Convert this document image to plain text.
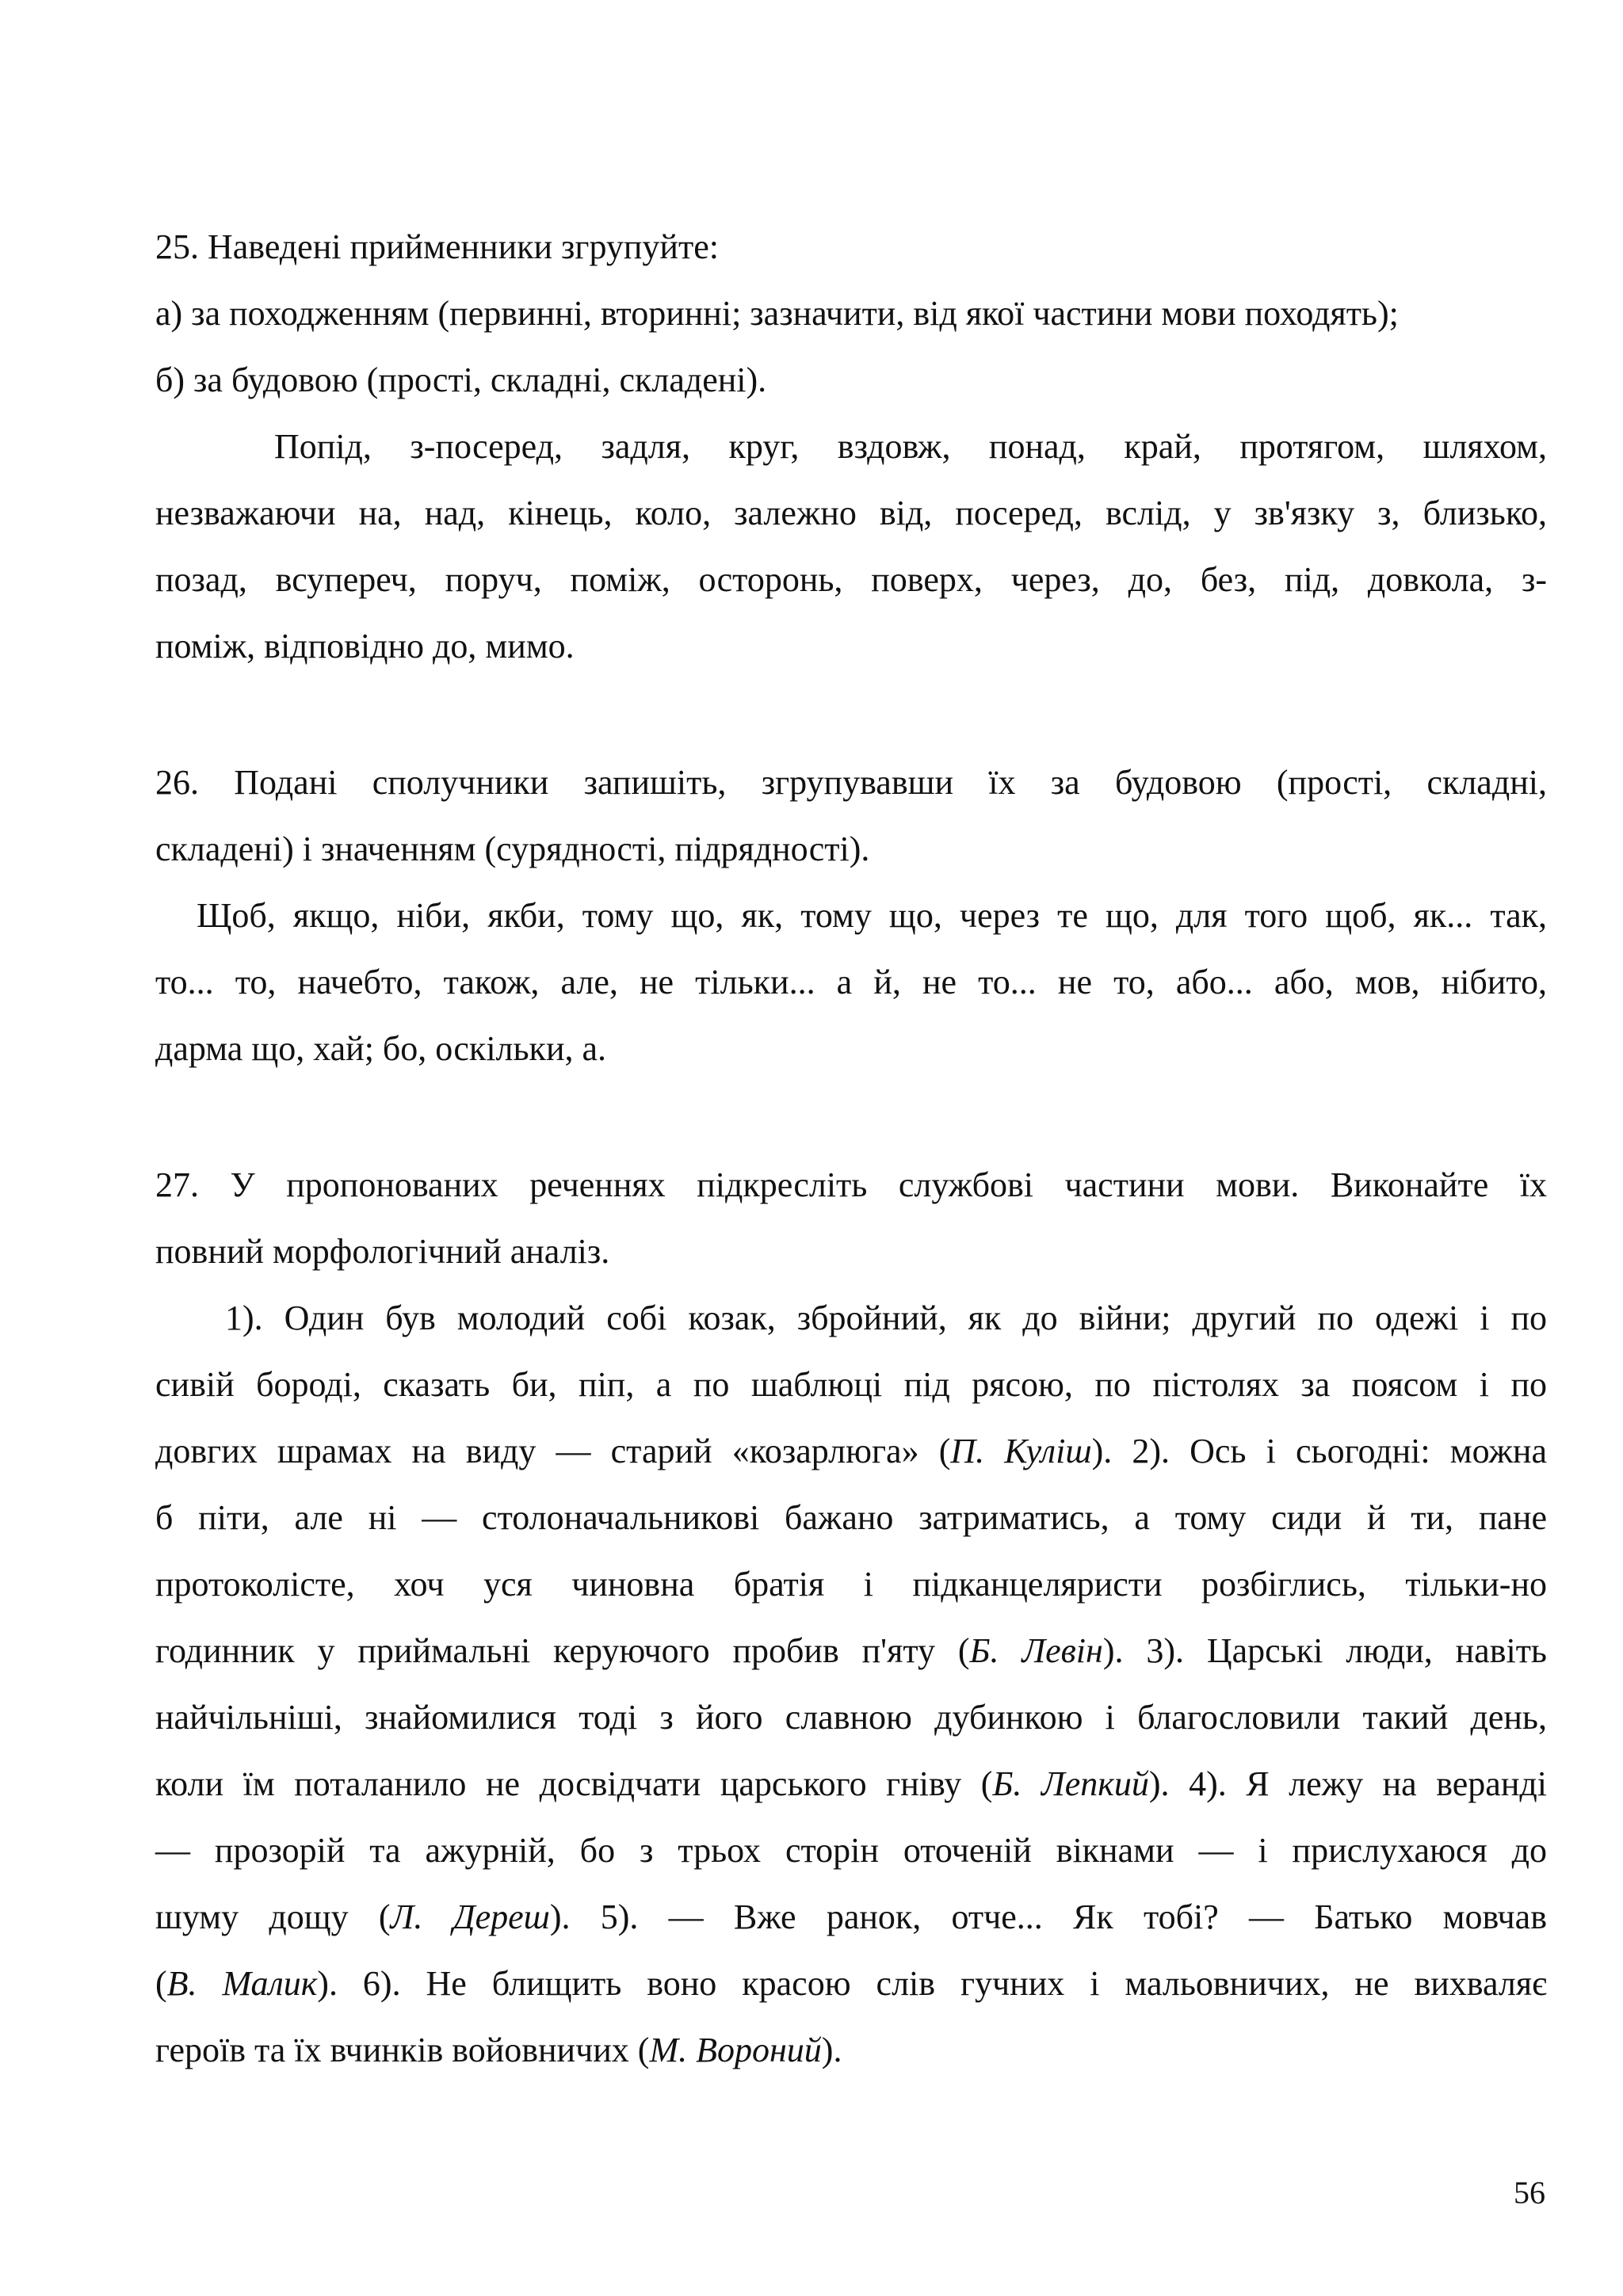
25. Наведені прийменники згрупуйте:
а) за походженням (первинні, вторинні; зазначити, від якої частини мови походять);
б) за будовою (прості, складні, складені).
Попід, з-посеред, задля, круг, вздовж, понад, край, протягом, шляхом,
незважаючи на, над, кінець, коло, залежно від, посеред, вслід, у зв'язку з, близько,
позад, всупереч, поруч, поміж, осторонь, поверх, через, до, без, під, довкола, з-
поміж, відповідно до, мимо.
26. Подані сполучники запишіть, згрупувавши їх за будовою (прості, складні,
складені) і значенням (сурядності, підрядності).
Щоб, якщо, ніби, якби, тому що, як, тому що, через те що, для того щоб, як... так,
то... то, начебто, також, але, не тільки... а й, не то... не то, або... або, мов, нібито,
дарма що, хай; бо, оскільки, а.
27. У пропонованих реченнях підкресліть службові частини мови. Виконайте їх
повний морфологічний аналіз.
1). Один був молодий собі козак, збройний, як до війни; другий по одежі і по
сивій бороді, сказать би, піп, а по шаблюці під рясою, по пістолях за поясом і по
довгих шрамах на виду — старий «козарлюга» (П. Куліш). 2). Ось і сьогодні: можна
б піти, але ні — столоначальникові бажано затриматись, а тому сиди й ти, пане
протоколісте, хоч уся чиновна братія і підканцеляристи розбіглись, тільки-но
годинник у приймальні керуючого пробив п'яту (Б. Левін). 3). Царські люди, навіть
найчільніші, знайомилися тоді з його славною дубинкою і благословили такий день,
коли їм поталанило не досвідчати царського гніву (Б. Лепкий). 4). Я лежу на веранді
— прозорій та ажурній, бо з трьох сторін оточеній вікнами — і прислухаюся до
шуму дощу (Л. Дереш). 5). — Вже ранок, отче... Як тобі? — Батько мовчав
(В. Малик). 6). Не блищить воно красою слів гучних і мальовничих, не вихваляє
героїв та їх вчинків войовничих (М. Вороний).
56
